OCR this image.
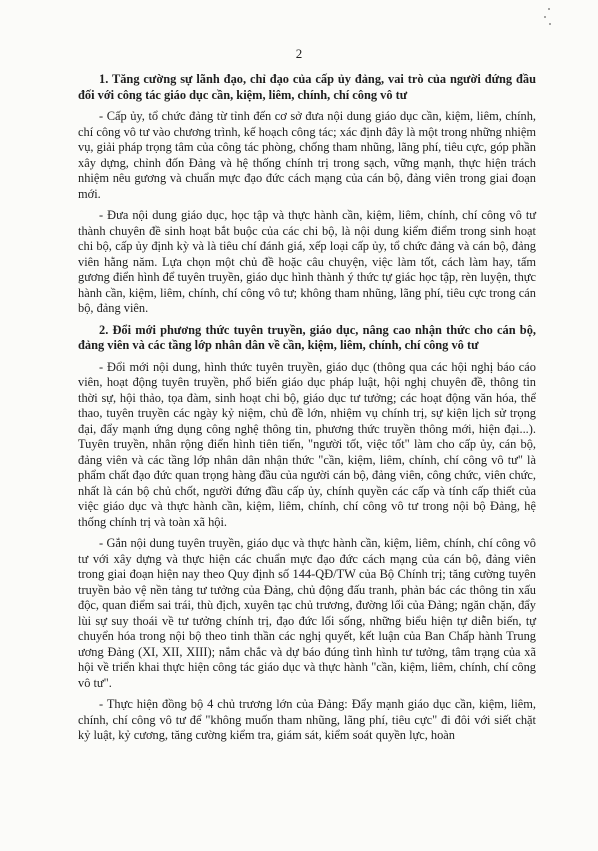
2
1. Tăng cường sự lãnh đạo, chỉ đạo của cấp ủy đảng, vai trò của người đứng đầu đối với công tác giáo dục cần, kiệm, liêm, chính, chí công vô tư

- Cấp ủy, tổ chức đảng từ tỉnh đến cơ sở đưa nội dung giáo dục cần, kiệm, liêm, chính, chí công vô tư vào chương trình, kế hoạch công tác; xác định đây là một trong những nhiệm vụ, giải pháp trọng tâm của công tác phòng, chống tham nhũng, lãng phí, tiêu cực, góp phần xây dựng, chỉnh đốn Đảng và hệ thống chính trị trong sạch, vững mạnh, thực hiện trách nhiệm nêu gương và chuẩn mực đạo đức cách mạng của cán bộ, đảng viên trong giai đoạn mới.

- Đưa nội dung giáo dục, học tập và thực hành cần, kiệm, liêm, chính, chí công vô tư thành chuyên đề sinh hoạt bắt buộc của các chi bộ, là nội dung kiểm điểm trong sinh hoạt chi bộ, cấp ủy định kỳ và là tiêu chí đánh giá, xếp loại cấp ủy, tổ chức đảng và cán bộ, đảng viên hằng năm. Lựa chọn một chủ đề hoặc câu chuyện, việc làm tốt, cách làm hay, tấm gương điển hình để tuyên truyền, giáo dục hình thành ý thức tự giác học tập, rèn luyện, thực hành cần, kiệm, liêm, chính, chí công vô tư; không tham nhũng, lãng phí, tiêu cực trong cán bộ, đảng viên.

2. Đổi mới phương thức tuyên truyền, giáo dục, nâng cao nhận thức cho cán bộ, đảng viên và các tầng lớp nhân dân về cần, kiệm, liêm, chính, chí công vô tư

- Đổi mới nội dung, hình thức tuyên truyền, giáo dục (thông qua các hội nghị báo cáo viên, hoạt động tuyên truyền, phổ biến giáo dục pháp luật, hội nghị chuyên đề, thông tin thời sự, hội thảo, tọa đàm, sinh hoạt chi bộ, giáo dục tư tưởng; các hoạt động văn hóa, thể thao, tuyên truyền các ngày kỷ niệm, chủ đề lớn, nhiệm vụ chính trị, sự kiện lịch sử trọng đại, đẩy mạnh ứng dụng công nghệ thông tin, phương thức truyền thông mới, hiện đại...). Tuyên truyền, nhân rộng điển hình tiên tiến, "người tốt, việc tốt" làm cho cấp ủy, cán bộ, đảng viên và các tầng lớp nhân dân nhận thức "cần, kiệm, liêm, chính, chí công vô tư" là phẩm chất đạo đức quan trọng hàng đầu của người cán bộ, đảng viên, công chức, viên chức, nhất là cán bộ chủ chốt, người đứng đầu cấp ủy, chính quyền các cấp và tính cấp thiết của việc giáo dục và thực hành cần, kiệm, liêm, chính, chí công vô tư trong nội bộ Đảng, hệ thống chính trị và toàn xã hội.

- Gắn nội dung tuyên truyền, giáo dục và thực hành cần, kiệm, liêm, chính, chí công vô tư với xây dựng và thực hiện các chuẩn mực đạo đức cách mạng của cán bộ, đảng viên trong giai đoạn hiện nay theo Quy định số 144-QĐ/TW của Bộ Chính trị; tăng cường tuyên truyền bảo vệ nền tảng tư tưởng của Đảng, chủ động đấu tranh, phản bác các thông tin xấu độc, quan điểm sai trái, thù địch, xuyên tạc chủ trương, đường lối của Đảng; ngăn chặn, đẩy lùi sự suy thoái về tư tưởng chính trị, đạo đức lối sống, những biểu hiện tự diễn biến, tự chuyển hóa trong nội bộ theo tinh thần các nghị quyết, kết luận của Ban Chấp hành Trung ương Đảng (XI, XII, XIII); nắm chắc và dự báo đúng tình hình tư tưởng, tâm trạng của xã hội về triển khai thực hiện công tác giáo dục và thực hành "cần, kiệm, liêm, chính, chí công vô tư".

- Thực hiện đồng bộ 4 chủ trương lớn của Đảng: Đẩy mạnh giáo dục cần, kiệm, liêm, chính, chí công vô tư để "không muốn tham nhũng, lãng phí, tiêu cực" đi đôi với siết chặt kỷ luật, kỷ cương, tăng cường kiểm tra, giám sát, kiểm soát quyền lực, hoàn
